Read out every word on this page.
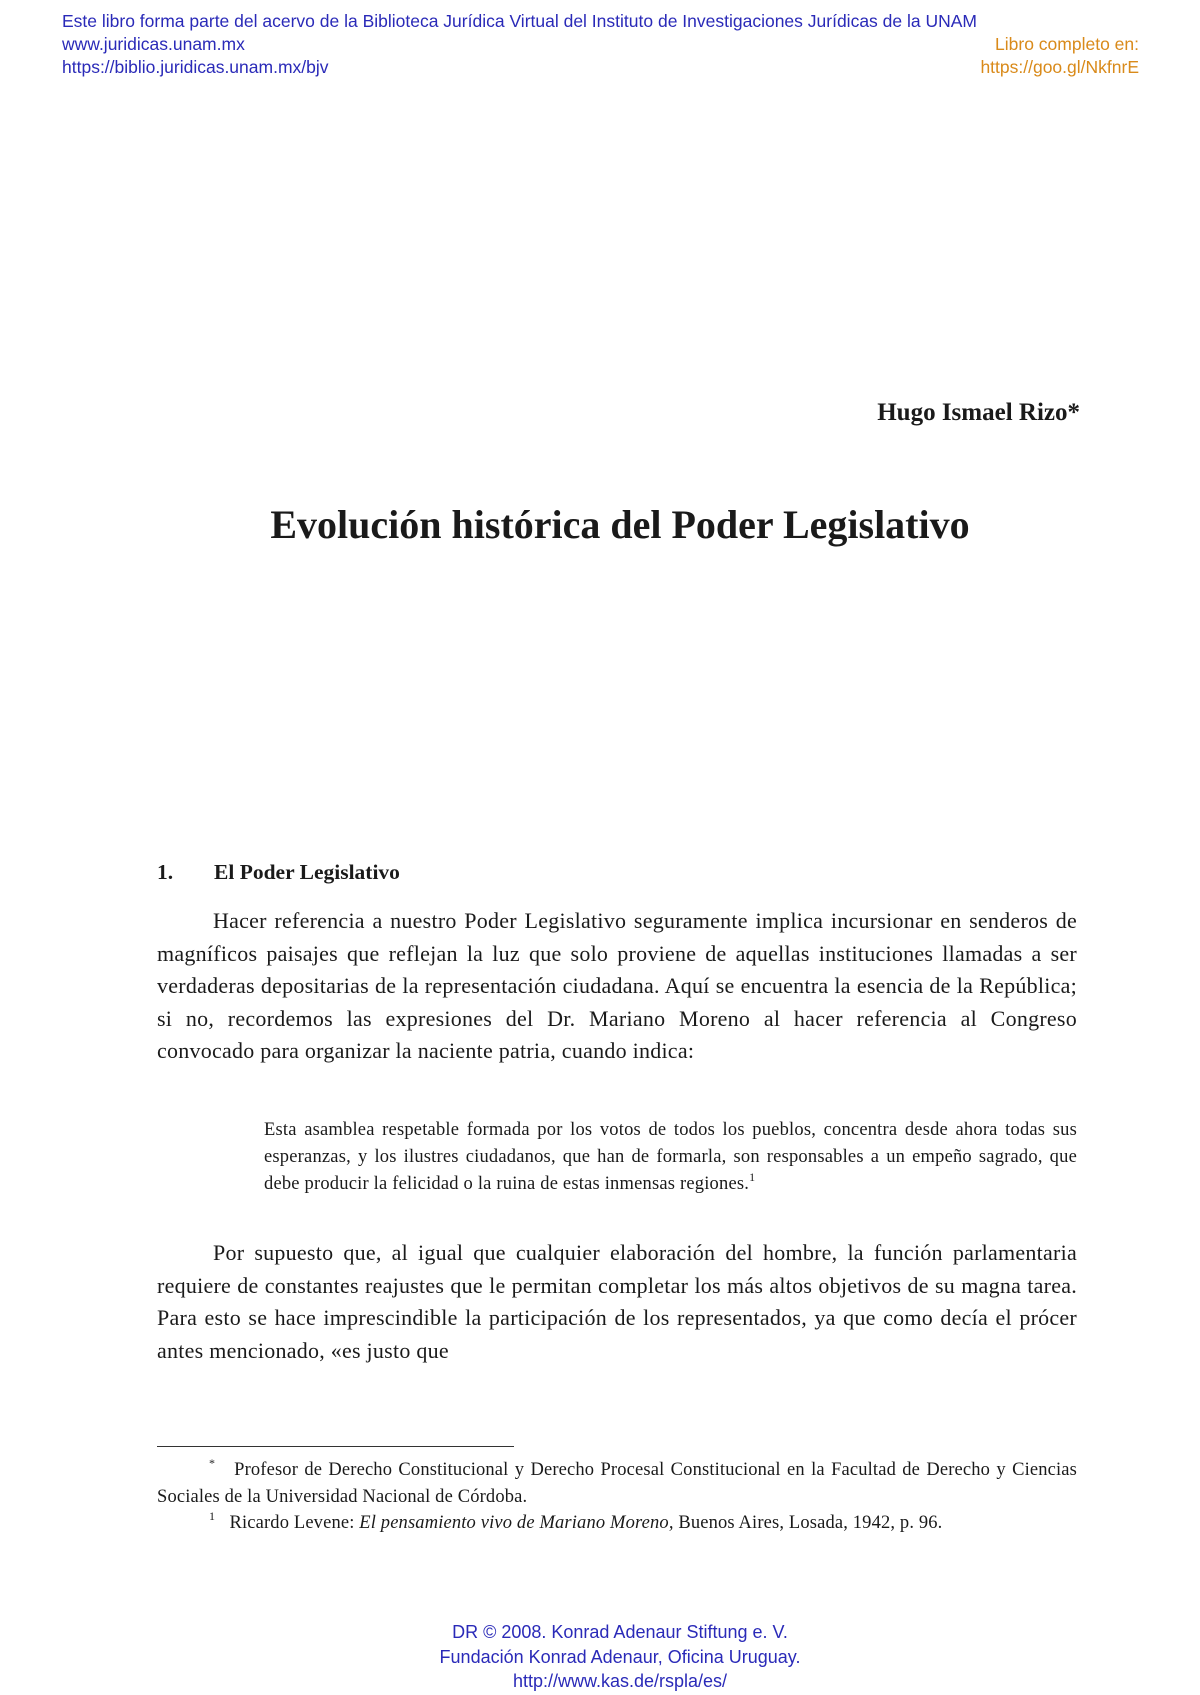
Este libro forma parte del acervo de la Biblioteca Jurídica Virtual del Instituto de Investigaciones Jurídicas de la UNAM
www.juridicas.unam.mx	Libro completo en:
https://biblio.juridicas.unam.mx/bjv	https://goo.gl/NkfnrE
Hugo Ismael Rizo*
Evolución histórica del Poder Legislativo
1. El Poder Legislativo

Hacer referencia a nuestro Poder Legislativo seguramente implica incursionar en senderos de magníficos paisajes que reflejan la luz que solo proviene de aquellas instituciones llamadas a ser verdaderas depositarias de la representación ciudadana. Aquí se encuentra la esencia de la República; si no, recordemos las expresiones del Dr. Mariano Moreno al hacer referencia al Congreso convocado para organizar la naciente patria, cuando indica:

Esta asamblea respetable formada por los votos de todos los pueblos, concentra desde ahora todas sus esperanzas, y los ilustres ciudadanos, que han de formarla, son responsables a un empeño sagrado, que debe producir la felicidad o la ruina de estas inmensas regiones.$^1$

Por supuesto que, al igual que cualquier elaboración del hombre, la función parlamentaria requiere de constantes reajustes que le permitan completar los más altos objetivos de su magna tarea. Para esto se hace imprescindible la participación de los representados, ya que como decía el prócer antes mencionado, «es justo que

* Profesor de Derecho Constitucional y Derecho Procesal Constitucional en la Facultad de Derecho y Ciencias Sociales de la Universidad Nacional de Córdoba.

$^1$ Ricardo Levene: El pensamiento vivo de Mariano Moreno, Buenos Aires, Losada, 1942, p. 96.

DR © 2008. Konrad Adenaur Stiftung e. V.
Fundación Konrad Adenaur, Oficina Uruguay.
http://www.kas.de/rspla/es/
